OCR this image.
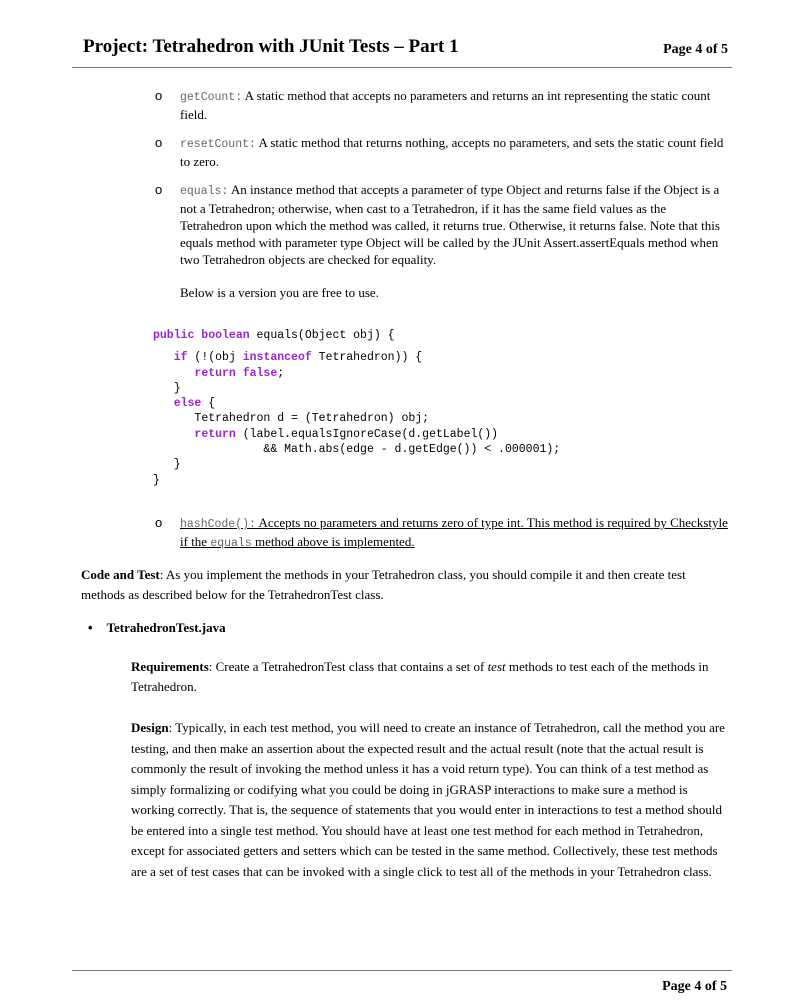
Project: Tetrahedron with JUnit Tests – Part 1	Page 4 of 5
o getCount: A static method that accepts no parameters and returns an int representing the static count field.
o resetCount: A static method that returns nothing, accepts no parameters, and sets the static count field to zero.
o equals: An instance method that accepts a parameter of type Object and returns false if the Object is a not a Tetrahedron; otherwise, when cast to a Tetrahedron, if it has the same field values as the Tetrahedron upon which the method was called, it returns true. Otherwise, it returns false. Note that this equals method with parameter type Object will be called by the JUnit Assert.assertEquals method when two Tetrahedron objects are checked for equality.
Below is a version you are free to use.
public boolean equals(Object obj) {
if (!(obj instanceof Tetrahedron)) {
return false;
}
else {
Tetrahedron d = (Tetrahedron) obj;
return (label.equalsIgnoreCase(d.getLabel())
&& Math.abs(edge - d.getEdge()) < .000001);
}
}
o hashCode(): Accepts no parameters and returns zero of type int. This method is required by Checkstyle if the equals method above is implemented.
Code and Test: As you implement the methods in your Tetrahedron class, you should compile it and then create test methods as described below for the TetrahedronTest class.
• TetrahedronTest.java
Requirements: Create a TetrahedronTest class that contains a set of test methods to test each of the methods in Tetrahedron.
Design: Typically, in each test method, you will need to create an instance of Tetrahedron, call the method you are testing, and then make an assertion about the expected result and the actual result (note that the actual result is commonly the result of invoking the method unless it has a void return type). You can think of a test method as simply formalizing or codifying what you could be doing in jGRASP interactions to make sure a method is working correctly. That is, the sequence of statements that you would enter in interactions to test a method should be entered into a single test method. You should have at least one test method for each method in Tetrahedron, except for associated getters and setters which can be tested in the same method. Collectively, these test methods are a set of test cases that can be invoked with a single click to test all of the methods in your Tetrahedron class.
Page 4 of 5
